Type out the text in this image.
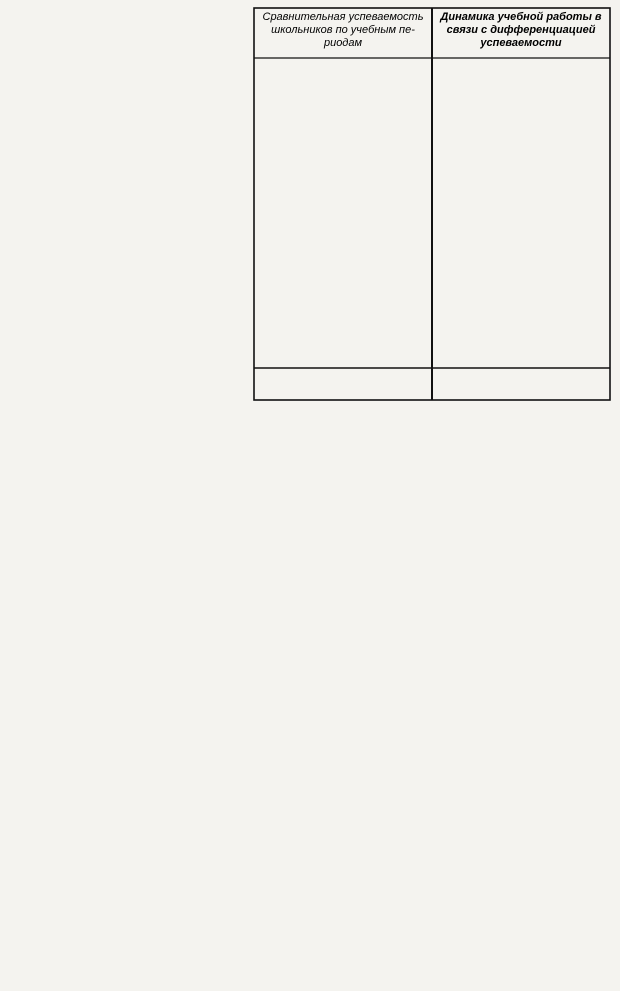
Сравнительная успеваемость
школьников по учебным пе-
риодам
Динамика учебной работы в
связи с дифференциацией
успеваемости
